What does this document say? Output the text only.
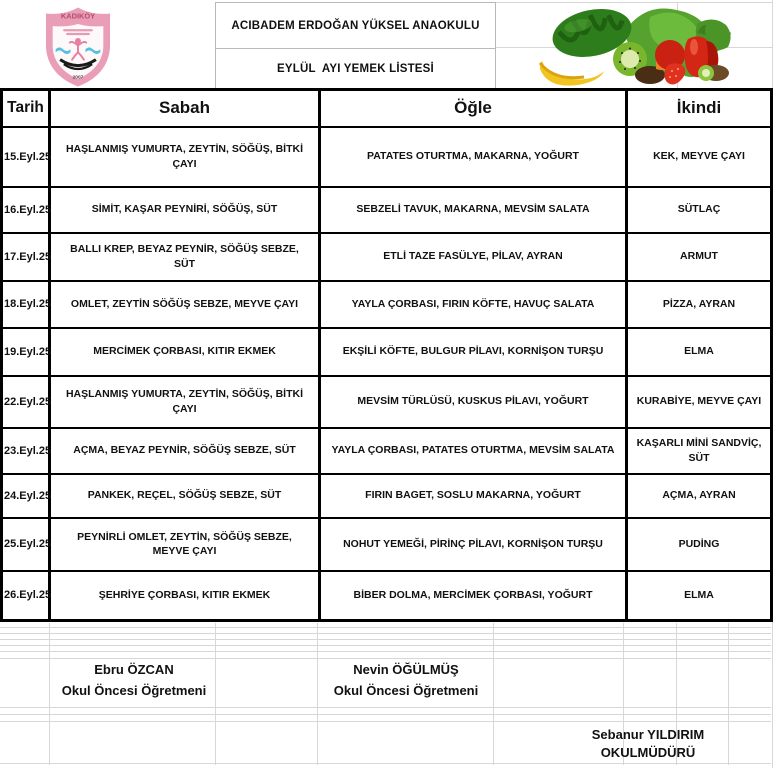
KADIKÖY
2007
ACIBADEM ERDOĞAN YÜKSEL ANAOKULU
EYLÜL  AYI YEMEK LİSTESİ
Tarih	Sabah	Öğle	İkindi
15.Eyl.25	HAŞLANMIŞ YUMURTA, ZEYTİN, SÖĞÜŞ, BİTKİ ÇAYI	PATATES OTURTMA, MAKARNA, YOĞURT	KEK, MEYVE ÇAYI
16.Eyl.25	SİMİT, KAŞAR PEYNİRİ, SÖĞÜŞ, SÜT	SEBZELİ TAVUK, MAKARNA, MEVSİM SALATA	SÜTLAÇ
17.Eyl.25	BALLI KREP, BEYAZ PEYNİR, SÖĞÜŞ SEBZE, SÜT	ETLİ TAZE FASÜLYE, PİLAV, AYRAN	ARMUT
18.Eyl.25	OMLET, ZEYTİN SÖĞÜŞ SEBZE, MEYVE ÇAYI	YAYLA ÇORBASI, FIRIN KÖFTE, HAVUÇ SALATA	PİZZA, AYRAN
19.Eyl.25	MERCİMEK ÇORBASI, KITIR EKMEK	EKŞİLİ KÖFTE, BULGUR PİLAVI, KORNİŞON TURŞU	ELMA
22.Eyl.25	HAŞLANMIŞ YUMURTA, ZEYTİN, SÖĞÜŞ, BİTKİ ÇAYI	MEVSİM TÜRLÜSÜ, KUSKUS PİLAVI, YOĞURT	KURABİYE, MEYVE ÇAYI
23.Eyl.25	AÇMA, BEYAZ PEYNİR, SÖĞÜŞ SEBZE, SÜT	YAYLA ÇORBASI, PATATES OTURTMA, MEVSİM SALATA	KAŞARLI MİNİ SANDVİÇ, SÜT
24.Eyl.25	PANKEK, REÇEL, SÖĞÜŞ SEBZE, SÜT	FIRIN BAGET, SOSLU MAKARNA, YOĞURT	AÇMA, AYRAN
25.Eyl.25	PEYNİRLİ OMLET, ZEYTİN, SÖĞÜŞ SEBZE, MEYVE ÇAYI	NOHUT YEMEĞİ, PİRİNÇ PİLAVI, KORNİŞON TURŞU	PUDİNG
26.Eyl.25	ŞEHRİYE ÇORBASI, KITIR EKMEK	BİBER DOLMA, MERCİMEK ÇORBASI, YOĞURT	ELMA
Ebru ÖZCAN
Okul Öncesi Öğretmeni
Nevin ÖĞÜLMÜŞ
Okul Öncesi Öğretmeni
Sebanur YILDIRIM
OKULMÜDÜRÜ
